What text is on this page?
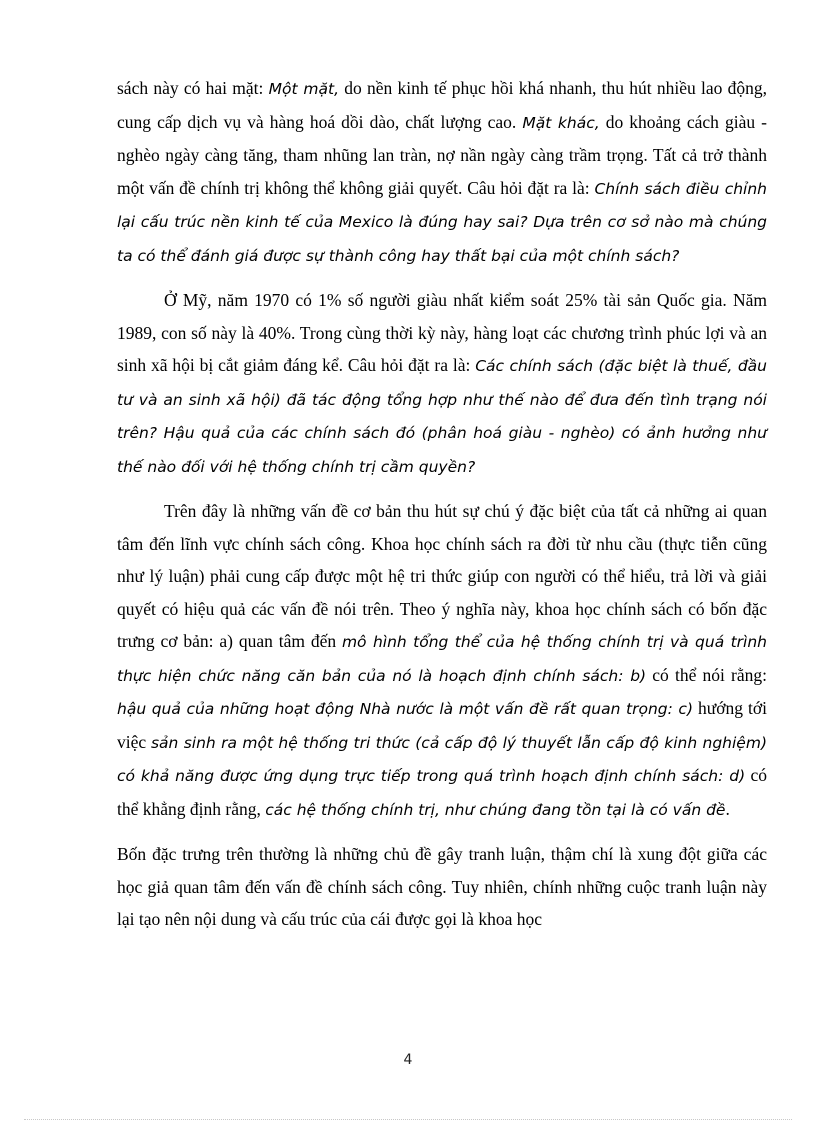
sách này có hai mặt: Một mặt, do nền kinh tế phục hồi khá nhanh, thu hút nhiều lao động, cung cấp dịch vụ và hàng hoá dồi dào, chất lượng cao. Mặt khác, do khoảng cách giàu - nghèo ngày càng tăng, tham nhũng lan tràn, nợ nần ngày càng trầm trọng. Tất cả trở thành một vấn đề chính trị không thể không giải quyết. Câu hỏi đặt ra là: Chính sách điều chỉnh lại cấu trúc nền kinh tế của Mexico là đúng hay sai? Dựa trên cơ sở nào mà chúng ta có thể đánh giá được sự thành công hay thất bại của một chính sách?

Ở Mỹ, năm 1970 có 1% số người giàu nhất kiểm soát 25% tài sản Quốc gia. Năm 1989, con số này là 40%. Trong cùng thời kỳ này, hàng loạt các chương trình phúc lợi và an sinh xã hội bị cắt giảm đáng kể. Câu hỏi đặt ra là: Các chính sách (đặc biệt là thuế, đầu tư và an sinh xã hội) đã tác động tổng hợp như thế nào để đưa đến tình trạng nói trên? Hậu quả của các chính sách đó (phân hoá giàu - nghèo) có ảnh hưởng như thế nào đối với hệ thống chính trị cầm quyền?

Trên đây là những vấn đề cơ bản thu hút sự chú ý đặc biệt của tất cả những ai quan tâm đến lĩnh vực chính sách công. Khoa học chính sách ra đời từ nhu cầu (thực tiễn cũng như lý luận) phải cung cấp được một hệ tri thức giúp con người có thể hiểu, trả lời và giải quyết có hiệu quả các vấn đề nói trên. Theo ý nghĩa này, khoa học chính sách có bốn đặc trưng cơ bản: a) quan tâm đến mô hình tổng thể của hệ thống chính trị và quá trình thực hiện chức năng căn bản của nó là hoạch định chính sách: b) có thể nói rằng: hậu quả của những hoạt động Nhà nước là một vấn đề rất quan trọng: c) hướng tới việc sản sinh ra một hệ thống tri thức (cả cấp độ lý thuyết lẫn cấp độ kinh nghiệm) có khả năng được ứng dụng trực tiếp trong quá trình hoạch định chính sách: d) có thể khẳng định rằng, các hệ thống chính trị, như chúng đang tồn tại là có vấn đề.

Bốn đặc trưng trên thường là những chủ đề gây tranh luận, thậm chí là xung đột giữa các học giả quan tâm đến vấn đề chính sách công. Tuy nhiên, chính những cuộc tranh luận này lại tạo nên nội dung và cấu trúc của cái được gọi là khoa học

4
